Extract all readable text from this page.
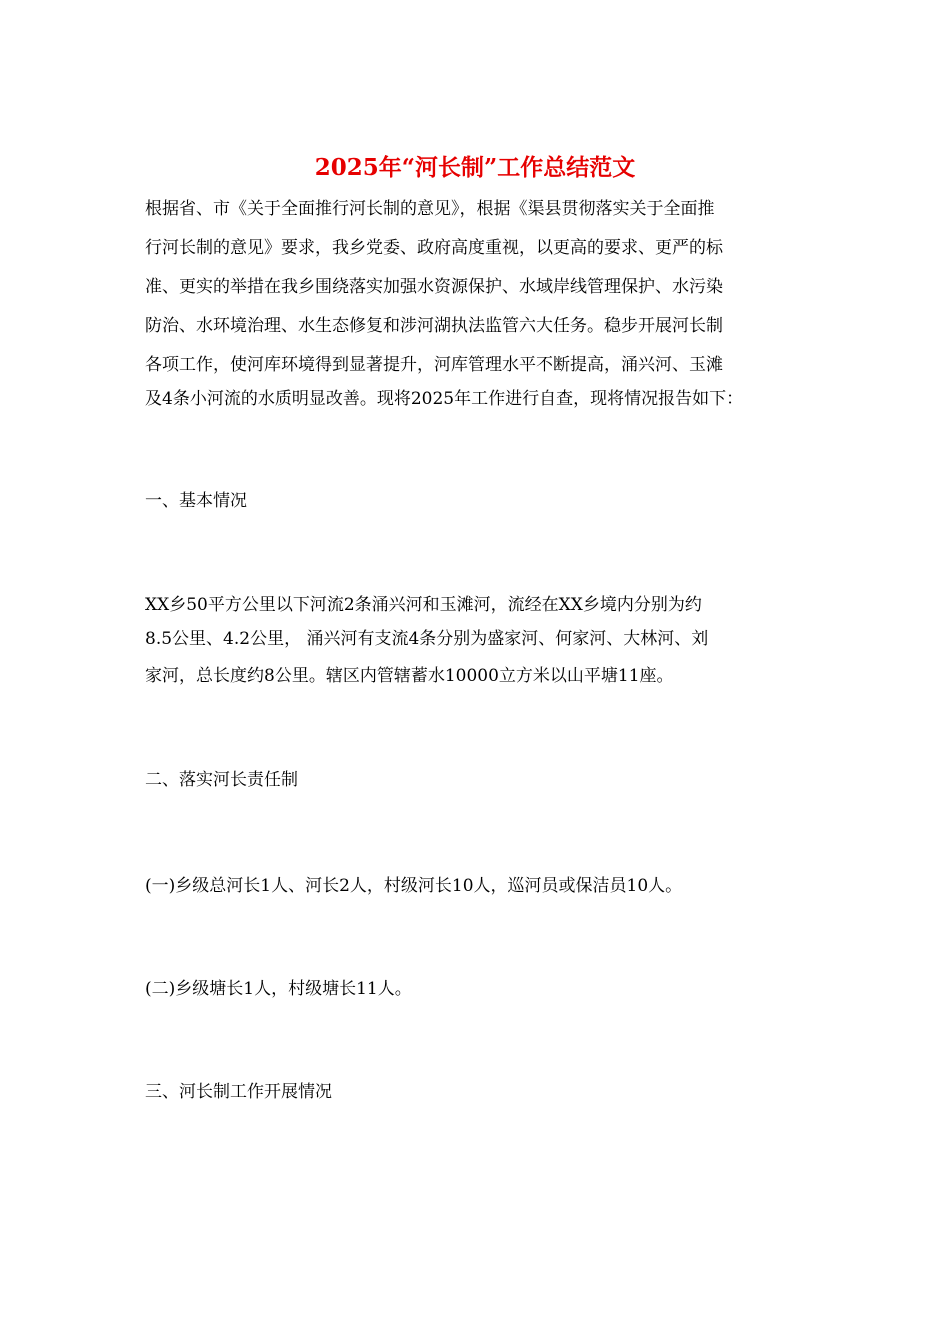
2025年“河长制”工作总结范文
根据省、市《关于全面推行河长制的意见》，根据《渠县贯彻落实关于全面推
行河长制的意见》要求，我乡党委、政府高度重视，以更高的要求、更严的标
准、更实的举措在我乡围绕落实加强水资源保护、水域岸线管理保护、水污染
防治、水环境治理、水生态修复和涉河湖执法监管六大任务。稳步开展河长制
各项工作，使河库环境得到显著提升，河库管理水平不断提高，涌兴河、玉滩
及4条小河流的水质明显改善。现将2025年工作进行自查，现将情况报告如下：
一、基本情况
XX乡50平方公里以下河流2条涌兴河和玉滩河，流经在XX乡境内分别为约
8.5公里、4.2公里， 涌兴河有支流4条分别为盛家河、何家河、大林河、刘
家河，总长度约8公里。辖区内管辖蓄水10000立方米以山平塘11座。
二、落实河长责任制
(一)乡级总河长1人、河长2人，村级河长10人，巡河员或保洁员10人。
(二)乡级塘长1人，村级塘长11人。
三、河长制工作开展情况
